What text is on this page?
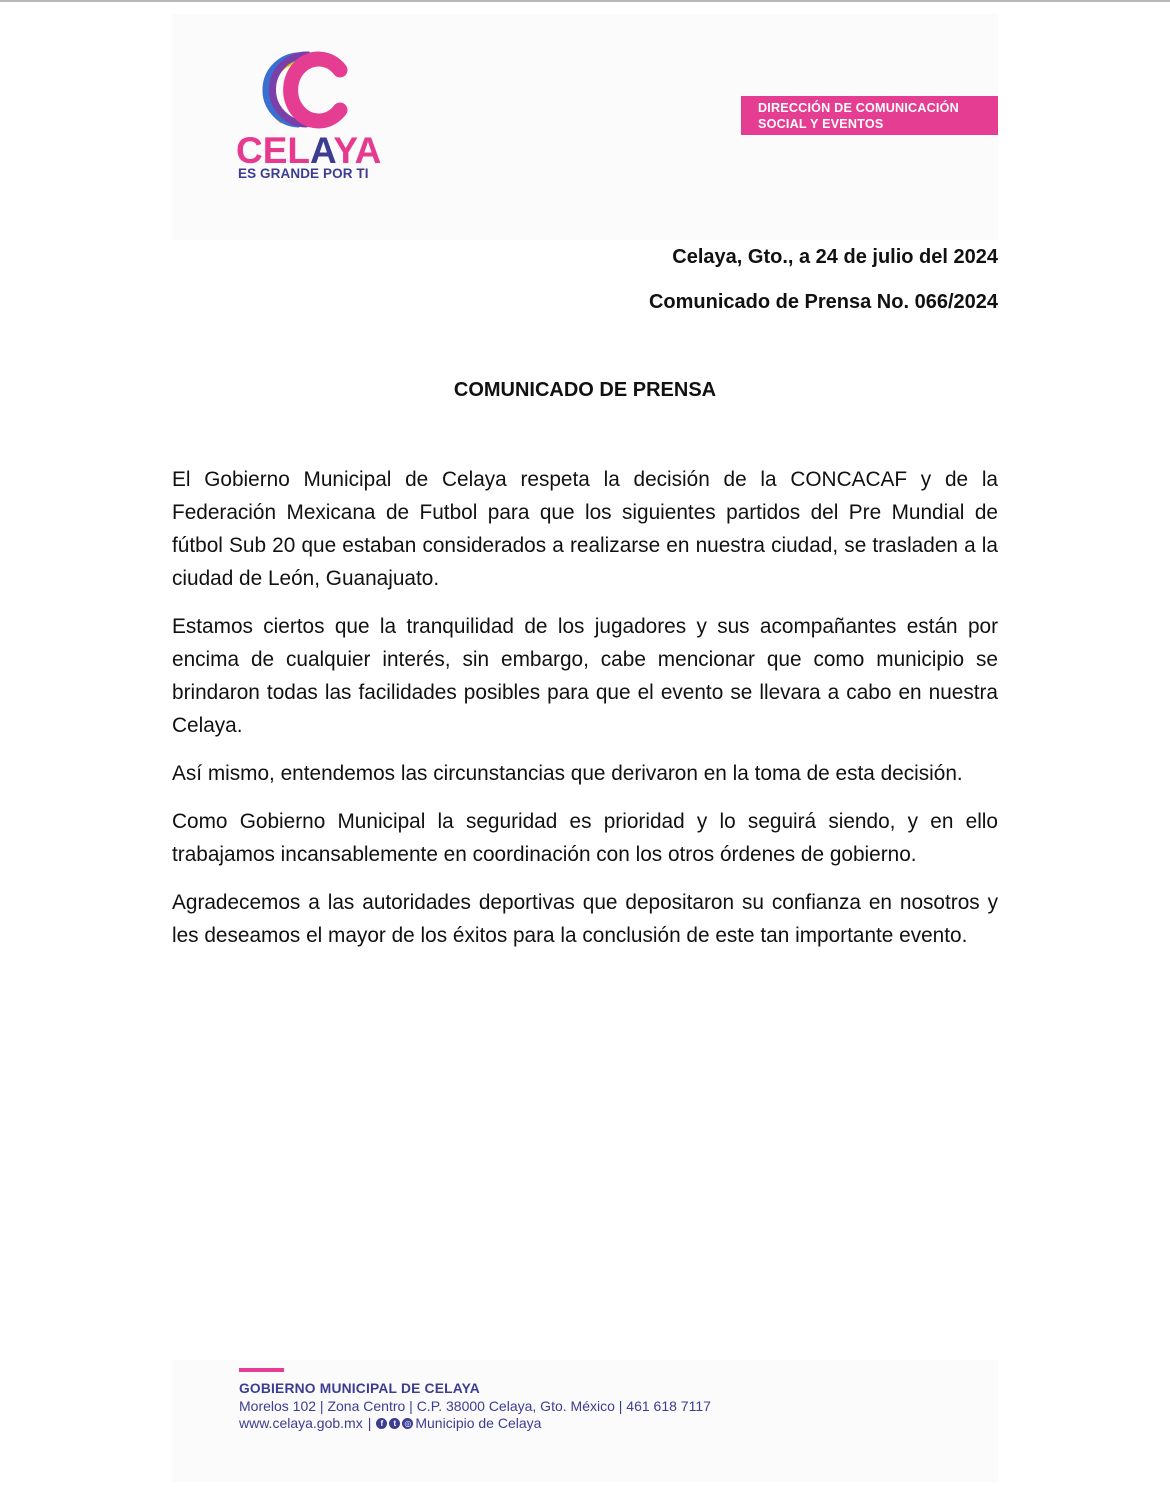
CELAYA
ES GRANDE POR TI
DIRECCIÓN DE COMUNICACIÓN
SOCIAL Y EVENTOS
Celaya, Gto., a 24 de julio del 2024
Comunicado de Prensa No. 066/2024
COMUNICADO DE PRENSA

El Gobierno Municipal de Celaya respeta la decisión de la CONCACAF y de la Federación Mexicana de Futbol para que los siguientes partidos del Pre Mundial de fútbol Sub 20 que estaban considerados a realizarse en nuestra ciudad, se trasladen a la ciudad de León, Guanajuato.

Estamos ciertos que la tranquilidad de los jugadores y sus acompañantes están por encima de cualquier interés, sin embargo, cabe mencionar que como municipio se brindaron todas las facilidades posibles para que el evento se llevara a cabo en nuestra Celaya.

Así mismo, entendemos las circunstancias que derivaron en la toma de esta decisión.

Como Gobierno Municipal la seguridad es prioridad y lo seguirá siendo, y en ello trabajamos incansablemente en coordinación con los otros órdenes de gobierno.

Agradecemos a las autoridades deportivas que depositaron su confianza en nosotros y les deseamos el mayor de los éxitos para la conclusión de este tan importante evento.

GOBIERNO MUNICIPAL DE CELAYA
Morelos 102 | Zona Centro | C.P. 38000 Celaya, Gto. México | 461 618 7117
www.celaya.gob.mx |	f	t	◎ Municipio de Celaya
